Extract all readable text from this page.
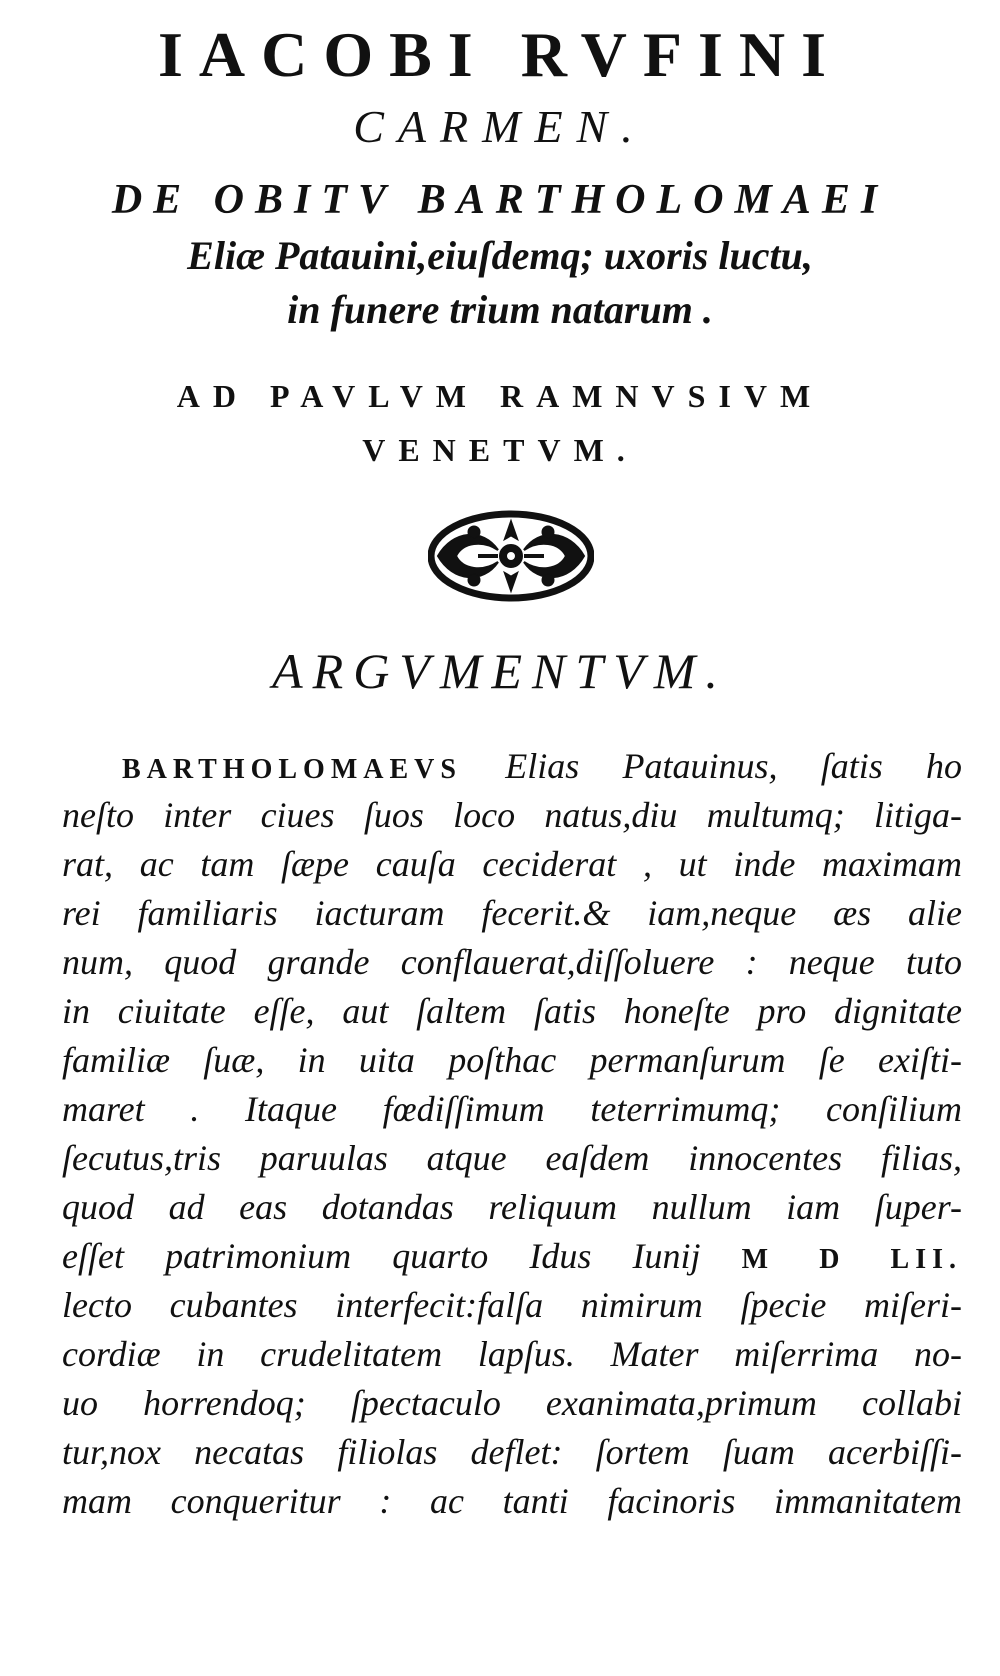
IACOBI RVFINI
CARMEN.
DE OBITV BARTHOLOMAEI
Eliæ Patauini,eiuſdemq; uxoris luctu,
in funere trium natarum .
AD PAVLVM RAMNVSIVM
VENETVM.
ARGVMENTVM.
BARTHOLOMAEVS Elias Patauinus, ſatis ho
neſto inter ciues ſuos loco natus,diu multumq; litiga-
rat, ac tam ſæpe cauſa ceciderat , ut inde maximam
rei familiaris iacturam fecerit.& iam,neque æs alie
num, quod grande conflauerat,diſſoluere : neque tuto
in ciuitate eſſe, aut ſaltem ſatis honeſte pro dignitate
familiæ ſuæ, in uita poſthac permanſurum ſe exiſti-
maret . Itaque fœdiſſimum teterrimumq; conſilium
ſecutus,tris paruulas atque eaſdem innocentes filias,
quod ad eas dotandas reliquum nullum iam ſuper-
eſſet patrimonium quarto Idus Iunij M D LII.
lecto cubantes interfecit:falſa nimirum ſpecie miſeri-
cordiæ in crudelitatem lapſus. Mater miſerrima no-
uo horrendoq; ſpectaculo exanimata,primum collabi
tur,nox necatas filiolas deflet: ſortem ſuam acerbiſſi-
mam conqueritur : ac tanti facinoris immanitatem
